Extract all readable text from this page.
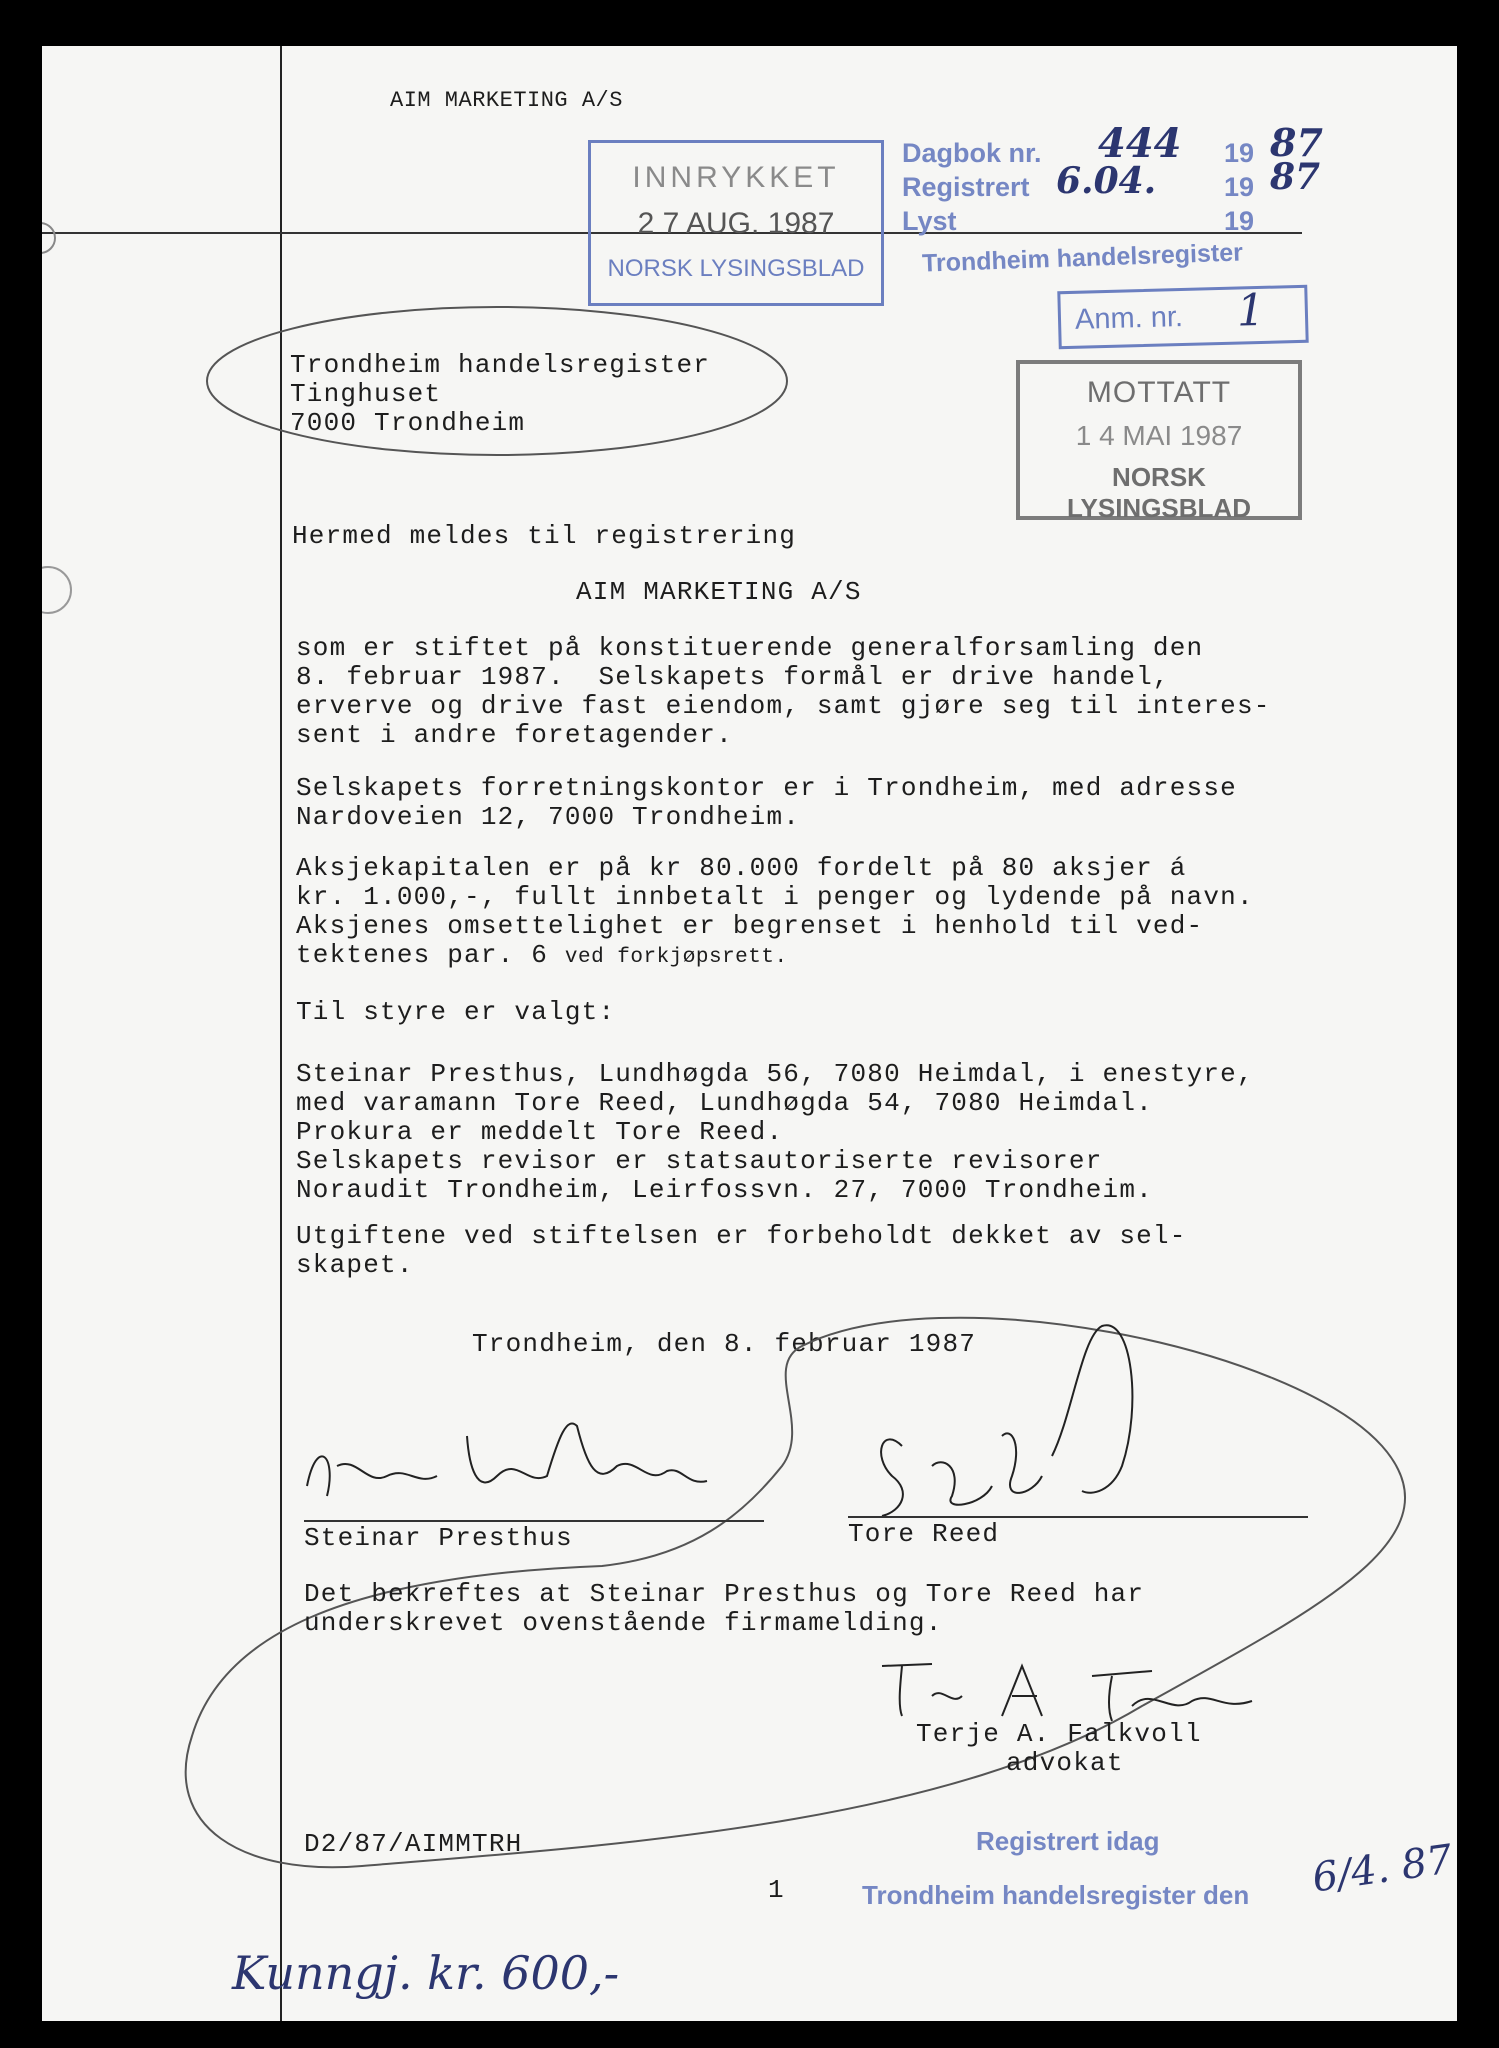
AIM MARKETING A/S
INNRYKKET
2 7 AUG. 1987
NORSK LYSINGSBLAD
Dagbok nr. 444 19 87
Registrert 6.04.	19 87
Lyst	19
Trondheim handelsregister
Anm. nr. 1
MOTTATT
1 4 MAI 1987
NORSK LYSINGSBLAD
Trondheim handelsregister
Tinghuset
7000 Trondheim
Hermed meldes til registrering
AIM MARKETING A/S
som er stiftet på konstituerende generalforsamling den
8. februar 1987.  Selskapets formål er drive handel,
erverve og drive fast eiendom, samt gjøre seg til interes-
sent i andre foretagender.
Selskapets forretningskontor er i Trondheim, med adresse
Nardoveien 12, 7000 Trondheim.
Aksjekapitalen er på kr 80.000 fordelt på 80 aksjer á
kr. 1.000,-, fullt innbetalt i penger og lydende på navn.
Aksjenes omsettelighet er begrenset i henhold til ved-
tektenes par. 6 ved forkjøpsrett.
Til styre er valgt:
Steinar Presthus, Lundhøgda 56, 7080 Heimdal, i enestyre,
med varamann Tore Reed, Lundhøgda 54, 7080 Heimdal.
Prokura er meddelt Tore Reed.
Selskapets revisor er statsautoriserte revisorer
Noraudit Trondheim, Leirfossvn. 27, 7000 Trondheim.
Utgiftene ved stiftelsen er forbeholdt dekket av sel-
skapet.
Trondheim, den 8. februar 1987
Steinar Presthus	Tore Reed
Det bekreftes at Steinar Presthus og Tore Reed har
underskrevet ovenstående firmamelding.
Terje A. Falkvoll
advokat
D2/87/AIMMTRH	Registrert idag
1	Trondheim handelsregister den 6/4. 87
Kunngj. kr. 600,-
